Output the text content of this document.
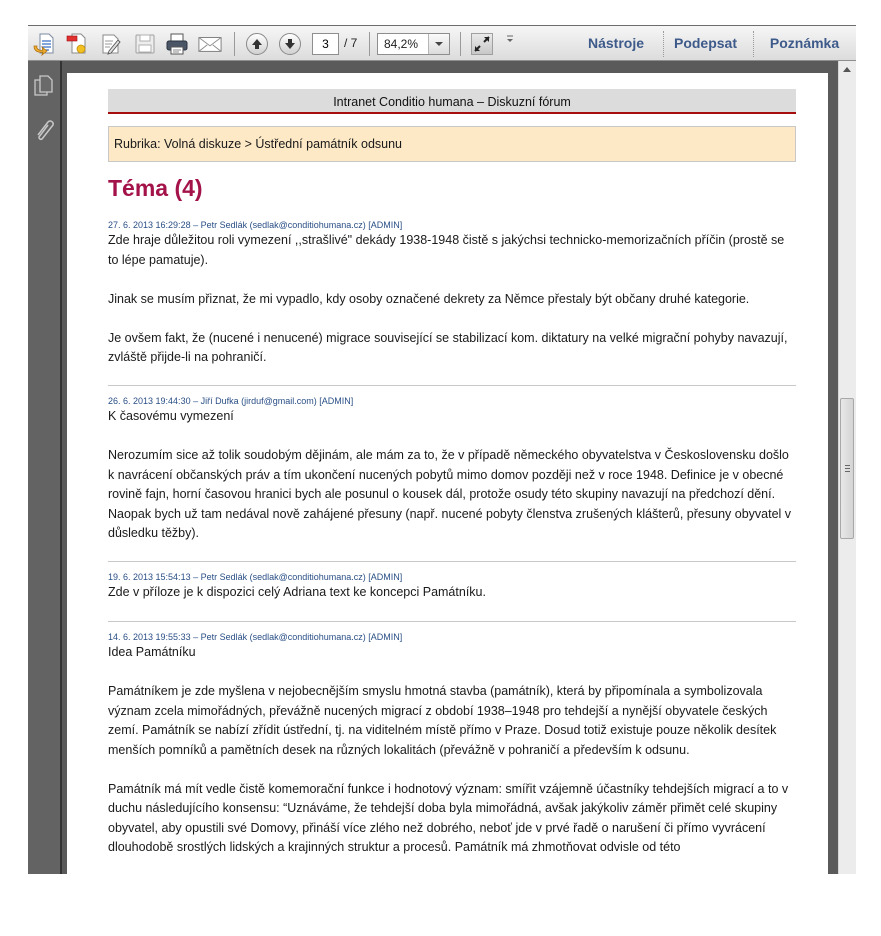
3
/ 7 84,2%	Nástroje	Podepsat	Poznámka
Intranet Conditio humana – Diskuzní fórum
Rubrika: Volná diskuze > Ústřední památník odsunu
Téma (4)
27. 6. 2013 16:29:28 – Petr Sedlák (sedlak@conditiohumana.cz) [ADMIN]

Zde hraje důležitou roli vymezení ,,strašlivé" dekády 1938-1948 čistě s jakýchsi technicko-memorizačních příčin (prostě se to lépe pamatuje).

Jinak se musím přiznat, že mi vypadlo, kdy osoby označené dekrety za Němce přestaly být občany druhé kategorie.

Je ovšem fakt, že (nucené i nenucené) migrace související se stabilizací kom. diktatury na velké migrační pohyby navazují, zvláště přijde-li na pohraničí.

26. 6. 2013 19:44:30 – Jiří Dufka (jirduf@gmail.com) [ADMIN]

K časovému vymezení

Nerozumím sice až tolik soudobým dějinám, ale mám za to, že v případě německého obyvatelstva v Československu došlo k navrácení občanských práv a tím ukončení nucených pobytů mimo domov později než v roce 1948. Definice je v obecné rovině fajn, horní časovou hranici bych ale posunul o kousek dál, protože osudy této skupiny navazují na předchozí dění. Naopak bych už tam nedával nově zahájené přesuny (např. nucené pobyty členstva zrušených klášterů, přesuny obyvatel v důsledku těžby).

19. 6. 2013 15:54:13 – Petr Sedlák (sedlak@conditiohumana.cz) [ADMIN]

Zde v příloze je k dispozici celý Adriana text ke koncepci Památníku.

14. 6. 2013 19:55:33 – Petr Sedlák (sedlak@conditiohumana.cz) [ADMIN]

Idea Památníku

Památníkem je zde myšlena v nejobecnějším smyslu hmotná stavba (památník), která by připomínala a symbolizovala význam zcela mimořádných, převážně nucených migrací z období 1938–1948 pro tehdejší a nynější obyvatele českých zemí. Památník se nabízí zřídit ústřední, tj. na viditelném místě přímo v Praze. Dosud totiž existuje pouze několik desítek menších pomníků a pamětních desek na různých lokalitách (převážně v pohraničí a především k odsunu.

Památník má mít vedle čistě komemorační funkce i hodnotový význam: smířit vzájemně účastníky tehdejších migrací a to v duchu následujícího konsensu: “Uznáváme, že tehdejší doba byla mimořádná, avšak jakýkoliv záměr přimět celé skupiny obyvatel, aby opustili své Domovy, přináší více zlého než dobrého, neboť jde v prvé řadě o narušení či přímo vyvrácení dlouhodobě srostlých lidských a krajinných struktur a procesů. Památník má zhmotňovat odvisle od této
